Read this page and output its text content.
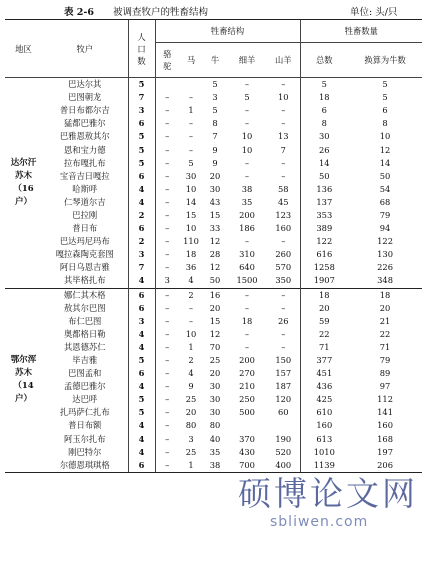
表 2-6 被调查牧户的牲畜结构	单位: 头/只
地区	牧户	人口数	牲畜结构					牲畜数量	
			骆驼	马	牛	细羊	山羊	总数	换算为牛数
达尔汗苏木（16户）	巴达尔其	5			5	–	–	5	5
	巴图朝龙	7	–	–	3	5	10	18	5
	普日布都尔吉	3	–	1	5	–	–	6	6
	猛都巴雅尔	6	–	–	8	–	–	8	8
	巴雅恩敖其尔	5	–	–	7	10	13	30	10
	恩和宝力德	5	–	–	9	10	7	26	12
	拉布嘎扎布	5	–	5	9	–	–	14	14
	宝音吉日嘎拉	6	–	30	20	–	–	50	50
	哈斯呼	4	–	10	30	38	58	136	54
	仁琴道尔吉	4	–	14	43	35	45	137	68
	巴拉刚	2	–	15	15	200	123	353	79
	普日布	6	–	10	33	186	160	389	94
	巴达玛尼玛布	2	–	110	12	–	–	122	122
	嘎拉森陶克套图	3	–	18	28	310	260	616	130
	阿日乌恩吉雅	7	–	36	12	640	570	1258	226
	其毕格扎布	4	3	4	50	1500	350	1907	348
鄂尔浑苏木（14户）	娜仁其木格	6	–	2	16	–	–	18	18
	敖其尔巴图	6	–	–	20	–	–	20	20
	布仁巴图	3	–	–	15	18	26	59	21
	奥都格日勒	4	–	10	12	–	–	22	22
	其恩德苏仁	4	–	1	70	–	–	71	71
	毕吉雅	5	–	2	25	200	150	377	79
	巴图孟和	6	–	4	20	270	157	451	89
	孟德巴雅尔	4	–	9	30	210	187	436	97
	达巴呼	5	–	25	30	250	120	425	112
	扎玛萨仁扎布	5	–	20	30	500	60	610	141
	普日布额	4	–	80	80			160	160
	阿玉尔扎布	4	–	3	40	370	190	613	168
	刚巴特尔	4	–	25	35	430	520	1010	197
	尔德恩琪琪格	6	–	1	38	700	400	1139	206
硕博论文网
sbliwen.com
